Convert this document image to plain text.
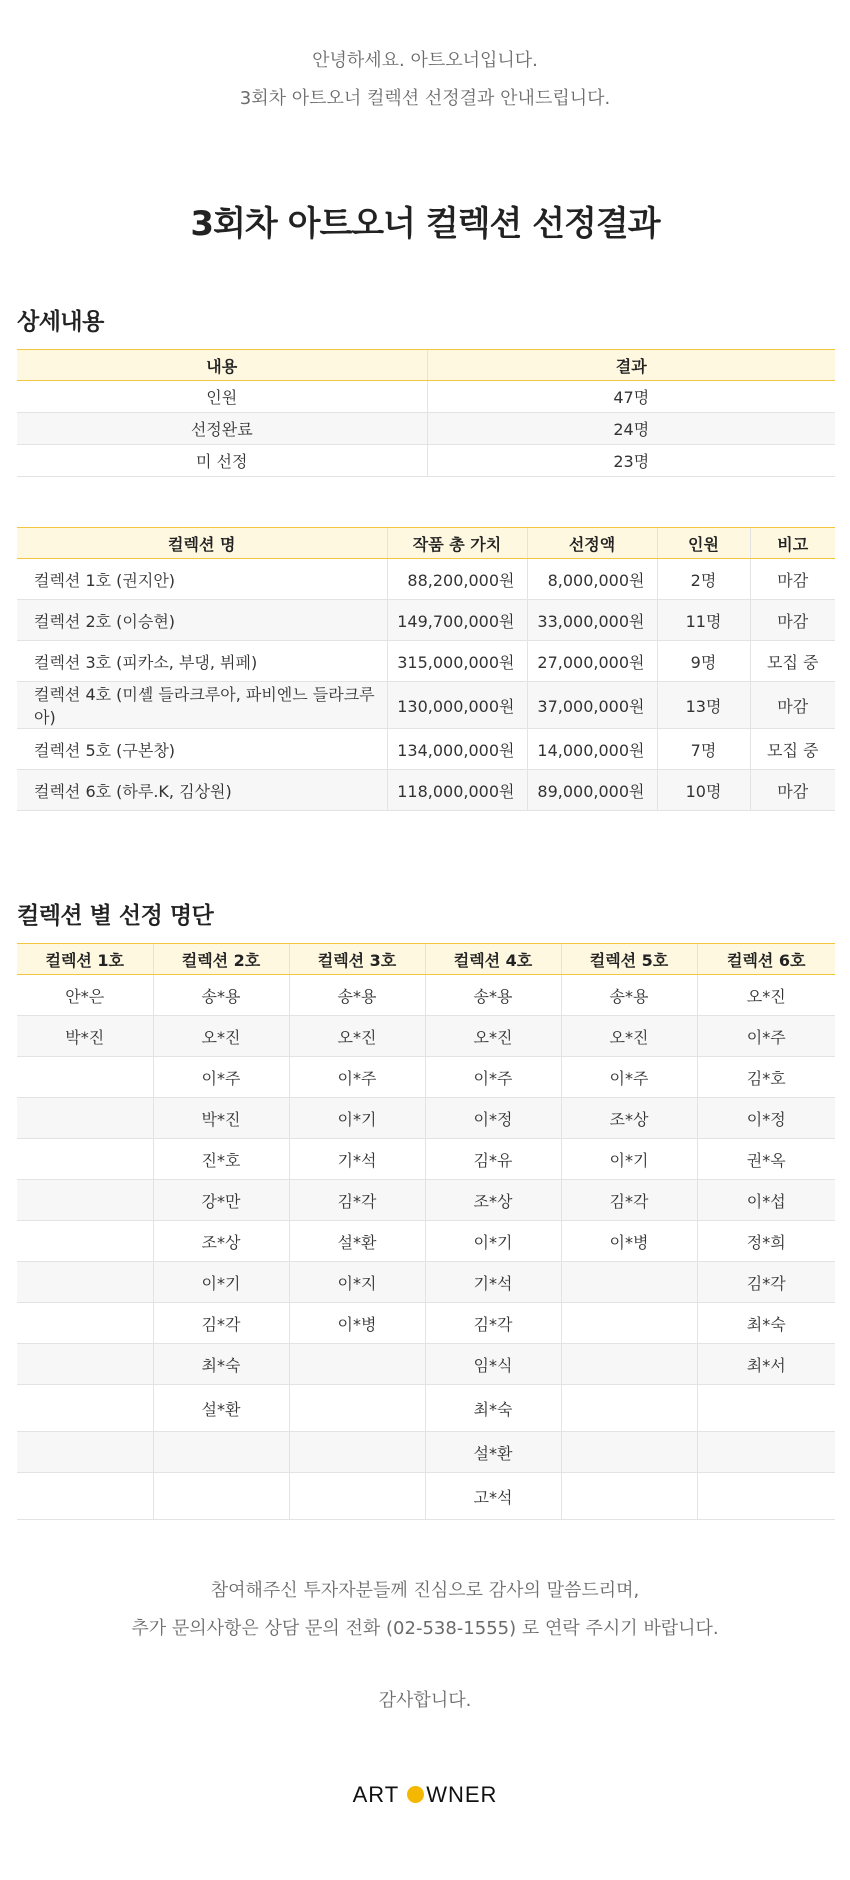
안녕하세요. 아트오너입니다.
3회차 아트오너 컬렉션 선정결과 안내드립니다.
3회차 아트오너 컬렉션 선정결과
상세내용
내용	결과
인원	47명
선정완료	24명
미 선정	23명
컬렉션 명	작품 총 가치	선정액	인원	비고
컬렉션 1호 (권지안)	88,200,000원	8,000,000원	2명	마감
컬렉션 2호 (이승현)	149,700,000원	33,000,000원	11명	마감
컬렉션 3호 (피카소, 부댕, 뷔페)	315,000,000원	27,000,000원	9명	모집 중
컬렉션 4호 (미셸 들라크루아, 파비엔느 들라크루아)	130,000,000원	37,000,000원	13명	마감
컬렉션 5호 (구본창)	134,000,000원	14,000,000원	7명	모집 중
컬렉션 6호 (하루.K, 김상원)	118,000,000원	89,000,000원	10명	마감
컬렉션 별 선정 명단
컬렉션 1호	컬렉션 2호	컬렉션 3호	컬렉션 4호	컬렉션 5호	컬렉션 6호
안*은	송*용	송*용	송*용	송*용	오*진
박*진	오*진	오*진	오*진	오*진	이*주
	이*주	이*주	이*주	이*주	김*호
	박*진	이*기	이*정	조*상	이*정
	진*호	기*석	김*유	이*기	권*옥
	강*만	김*각	조*상	김*각	이*섭
	조*상	설*환	이*기	이*병	정*희
	이*기	이*지	기*석		김*각
	김*각	이*병	김*각		최*숙
	최*숙		임*식		최*서
	설*환		최*숙		
			설*환		
			고*석		
참여해주신 투자자분들께 진심으로 감사의 말씀드리며,
추가 문의사항은 상담 문의 전화 (02-538-1555) 로 연락 주시기 바랍니다.
감사합니다.
ART WNER
